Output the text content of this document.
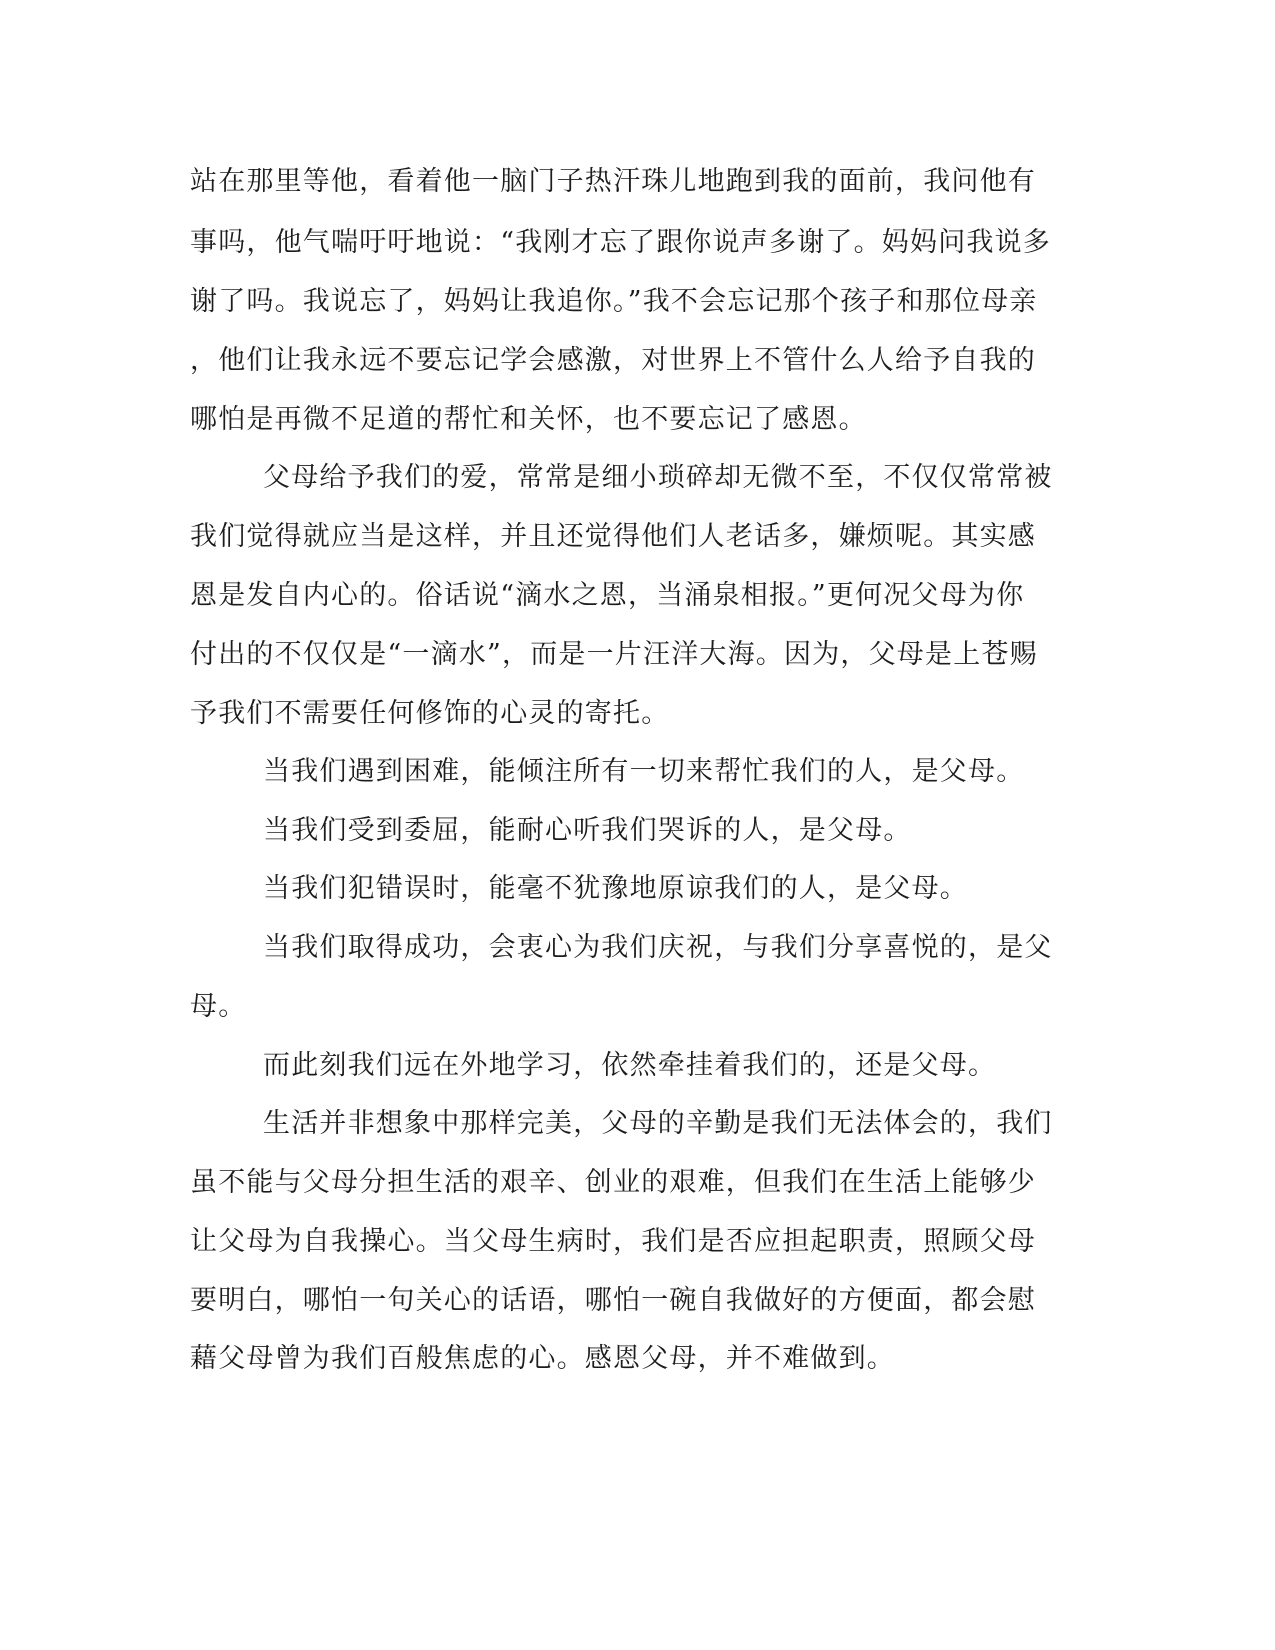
站在那里等他，看着他一脑门子热汗珠儿地跑到我的面前，我问他有
事吗，他气喘吁吁地说：“我刚才忘了跟你说声多谢了。妈妈问我说多
谢了吗。我说忘了，妈妈让我追你。”我不会忘记那个孩子和那位母亲
，他们让我永远不要忘记学会感激，对世界上不管什么人给予自我的
哪怕是再微不足道的帮忙和关怀，也不要忘记了感恩。
父母给予我们的爱，常常是细小琐碎却无微不至，不仅仅常常被
我们觉得就应当是这样，并且还觉得他们人老话多，嫌烦呢。其实感
恩是发自内心的。俗话说“滴水之恩，当涌泉相报。”更何况父母为你
付出的不仅仅是“一滴水”，而是一片汪洋大海。因为，父母是上苍赐
予我们不需要任何修饰的心灵的寄托。
当我们遇到困难，能倾注所有一切来帮忙我们的人，是父母。
当我们受到委屈，能耐心听我们哭诉的人，是父母。
当我们犯错误时，能毫不犹豫地原谅我们的人，是父母。
当我们取得成功，会衷心为我们庆祝，与我们分享喜悦的，是父
母。
而此刻我们远在外地学习，依然牵挂着我们的，还是父母。
生活并非想象中那样完美，父母的辛勤是我们无法体会的，我们
虽不能与父母分担生活的艰辛、创业的艰难，但我们在生活上能够少
让父母为自我操心。当父母生病时，我们是否应担起职责，照顾父母
要明白，哪怕一句关心的话语，哪怕一碗自我做好的方便面，都会慰
藉父母曾为我们百般焦虑的心。感恩父母，并不难做到。
